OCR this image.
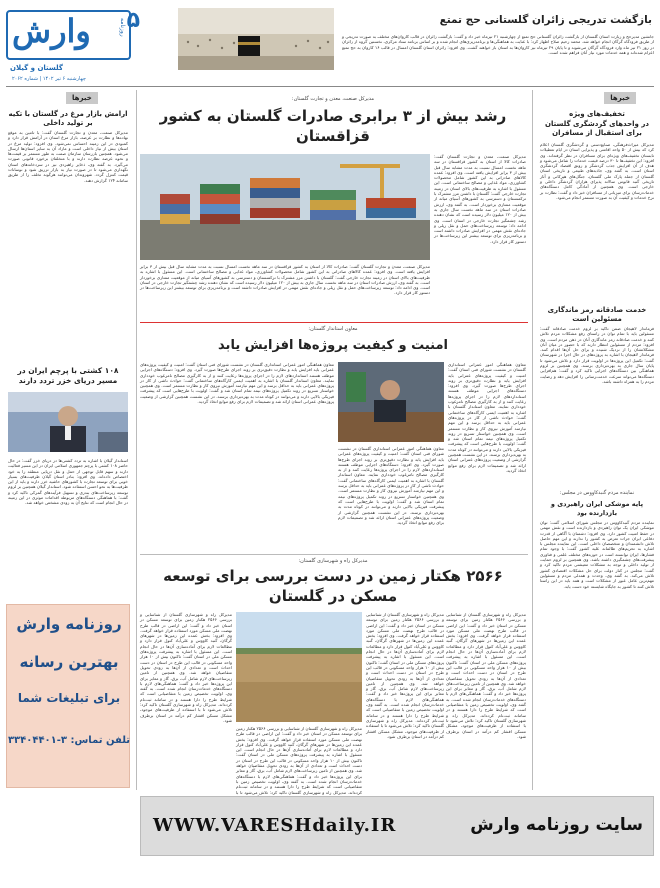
۵
وارش	روزنامه
گلستان و گیلان
چهارشنبه ۶ تیر ۱۴۰۲ | شماره ۲۰۶۲
بازگشت تدریجی زائران گلستانی حج تمتع
جانشین مدیرحج و زیارت استان گلستان از بازگشت زائران گلستانی حج تمتع از چهارشنبه ۲۱ تیرماه خبر داد و گفت: بازگشت زائران در قالب کاروان‌های مختلف به صورت تدریجی و از طریق فرودگاه گرگان انجام خواهد شد. محمد رحیم صلاح اظهار کرد: با عنایت به هماهنگی‌ها و برنامه‌ریزی‌های انجام شده و بر اساس برنامه ستاد مرکزی، نخستین گروه از زائران در روز ۲۱ تیر ماه وارد فرودگاه گرگان می‌شوند و تا پایان ۲۹ تیرماه نیز کاروان‌ها به استان باز خواهند گشت. وی افزود: زائران استان گلستان امسال در قالب ۱۶ کاروان به حج تمتع اعزام شده‌اند و همه خدمات مورد نیاز آنان فراهم شده است.
خبرها
ارامش بازار مرغ در گلستان با تکیه بر تولید داخلی
مدیرکل صنعت، معدن و تجارت گلستان گفت: با تامین به موقع نهاده‌ها و نظارت بر عرضه، بازار مرغ استان در آرامش قرار دارد و کمبودی در این زمینه احساس نمی‌شود. وی افزود: تولید مرغ در استان بیش از نیاز داخلی است و مازاد آن به سایر استان‌ها ارسال می‌شود. همچنین بازرسان سازمان صمت به طور مستمر بر قیمت‌ها و نحوه عرضه نظارت دارند و با متخلفان برخورد قانونی صورت می‌گیرد. به گفته وی، ذخایر راهبردی نیز در سردخانه‌های استان نگهداری می‌شود تا در صورت نیاز به بازار تزریق شود و نوسانات قیمت کنترل گردد. شهروندان می‌توانند هرگونه تخلف را از طریق سامانه ۱۲۴ گزارش دهند.
۱۰۸ کشتی با پرچم ایران در مسیر دریای خزر تردد دارند
استاندار گیلان با اشاره به تردد کشتی‌ها در دریای خزر گفت: در حال حاضر ۱۰۸ کشتی با پرچم جمهوری اسلامی ایران در این مسیر فعالیت دارند و سهم قابل توجهی از حمل و نقل دریایی منطقه را به خود اختصاص داده‌اند. وی افزود: بنادر استان گیلان ظرفیت‌های بسیار خوبی برای توسعه تجارت با کشورهای حاشیه خزر دارند و باید از این ظرفیت‌ها به نحو احسن استفاده شود. استاندار گیلان همچنین بر لزوم توسعه زیرساخت‌های بندری و تسهیل فرآیندهای گمرکی تاکید کرد و گفت: با هماهنگی دستگاه‌های مربوطه اقدامات موثری در این زمینه در حال انجام است که نتایج آن به زودی مشخص خواهد شد.
روزنامه وارش
بهترین رسانه
برای تبلیغات شما
تلفن تماس: ۳-۳۳۴۰۴۴۰۱
مدیرکل صنعت، معدن و تجارت گلستان:
رشد بیش از ۳ برابری صادرات گلستان به کشور قزاقستان
مدیرکل صنعت، معدن و تجارت گلستان گفت: صادرات کالا از استان به کشور قزاقستان در سه ماهه نخست امسال نسبت به مدت مشابه سال قبل بیش از ۳ برابر افزایش یافته است. وی افزود: عمده کالاهای صادراتی به این کشور شامل محصولات کشاورزی، مواد غذایی و مصالح ساختمانی است. این مسئول با اشاره به ظرفیت‌های بالای استان در زمینه تجارت خارجی گفت: گلستان با داشتن مرز مشترک با ترکمنستان و دسترسی به کشورهای آسیای میانه از موقعیت ممتازی برخوردار است. به گفته وی، ارزش صادرات استان در سه ماهه نخست سال جاری به بیش از ۱۲۰ میلیون دلار رسیده است که نشان دهنده رشد چشمگیر تجارت خارجی در استان است. وی ادامه داد: توسعه زیرساخت‌های حمل و نقل ریلی و جاده‌ای نقش مهمی در افزایش صادرات داشته است و برنامه‌ریزی برای توسعه بیشتر این زیرساخت‌ها در دستور کار قرار دارد.
مدیرکل صنعت، معدن و تجارت گلستان گفت: صادرات کالا از استان به کشور قزاقستان در سه ماهه نخست امسال نسبت به مدت مشابه سال قبل بیش از ۳ برابر افزایش یافته است. وی افزود: عمده کالاهای صادراتی به این کشور شامل محصولات کشاورزی، مواد غذایی و مصالح ساختمانی است. این مسئول با اشاره به ظرفیت‌های بالای استان در زمینه تجارت خارجی گفت: گلستان با داشتن مرز مشترک با ترکمنستان و دسترسی به کشورهای آسیای میانه از موقعیت ممتازی برخوردار است. به گفته وی، ارزش صادرات استان در سه ماهه نخست سال جاری به بیش از ۱۲۰ میلیون دلار رسیده است که نشان دهنده رشد چشمگیر تجارت خارجی در استان است. وی ادامه داد: توسعه زیرساخت‌های حمل و نقل ریلی و جاده‌ای نقش مهمی در افزایش صادرات داشته است و برنامه‌ریزی برای توسعه بیشتر این زیرساخت‌ها در دستور کار قرار دارد.
معاون استاندار گلستان:
امنیت و کیفیت پروژه‌ها افزایش یابد
معاون هماهنگی امور عمرانی استانداری گلستان در نشست شورای فنی استان گفت: امنیت و کیفیت پروژه‌های عمرانی باید افزایش یابد و نظارت دقیق‌تری بر روند اجرای طرح‌ها صورت گیرد. وی افزود: دستگاه‌های اجرایی موظف هستند استانداردهای لازم را در اجرای پروژه‌ها رعایت کنند و از به کارگیری مصالح نامرغوب خودداری نمایند. معاون استاندار گلستان با اشاره به اهمیت ایمنی کارگاه‌های ساختمانی گفت: حوادث ناشی از کار در پروژه‌های عمرانی باید به حداقل برسد و این مهم نیازمند آموزش نیروی کار و نظارت مستمر است. وی همچنین خواستار تسریع در روند تکمیل پروژه‌های نیمه تمام استان شد و گفت: اولویت با طرح‌هایی است که پیشرفت فیزیکی بالایی دارند و می‌توانند در کوتاه مدت به بهره‌برداری برسند. در این نشست همچنین گزارشی از وضعیت پروژه‌های عمرانی استان ارائه شد و تصمیمات لازم برای رفع موانع اتخاذ گردید.
معاون هماهنگی امور عمرانی استانداری گلستان در نشست شورای فنی استان گفت: امنیت و کیفیت پروژه‌های عمرانی باید افزایش یابد و نظارت دقیق‌تری بر روند اجرای طرح‌ها صورت گیرد. وی افزود: دستگاه‌های اجرایی موظف هستند استانداردهای لازم را در اجرای پروژه‌ها رعایت کنند و از به کارگیری مصالح نامرغوب خودداری نمایند. معاون استاندار گلستان با اشاره به اهمیت ایمنی کارگاه‌های ساختمانی گفت: حوادث ناشی از کار در پروژه‌های عمرانی باید به حداقل برسد و این مهم نیازمند آموزش نیروی کار و نظارت مستمر است. وی همچنین خواستار تسریع در روند تکمیل پروژه‌های نیمه تمام استان شد و گفت: اولویت با طرح‌هایی است که پیشرفت فیزیکی بالایی دارند و می‌توانند در کوتاه مدت به بهره‌برداری برسند. در این نشست همچنین گزارشی از وضعیت پروژه‌های عمرانی استان ارائه شد و تصمیمات لازم برای رفع موانع اتخاذ گردید.
معاون هماهنگی امور عمرانی استانداری گلستان در نشست شورای فنی استان گفت: امنیت و کیفیت پروژه‌های عمرانی باید افزایش یابد و نظارت دقیق‌تری بر روند اجرای طرح‌ها صورت گیرد. وی افزود: دستگاه‌های اجرایی موظف هستند استانداردهای لازم را در اجرای پروژه‌ها رعایت کنند و از به کارگیری مصالح نامرغوب خودداری نمایند. معاون استاندار گلستان با اشاره به اهمیت ایمنی کارگاه‌های ساختمانی گفت: حوادث ناشی از کار در پروژه‌های عمرانی باید به حداقل برسد و این مهم نیازمند آموزش نیروی کار و نظارت مستمر است. وی همچنین خواستار تسریع در روند تکمیل پروژه‌های نیمه تمام استان شد و گفت: اولویت با طرح‌هایی است که پیشرفت فیزیکی بالایی دارند و می‌توانند در کوتاه مدت به بهره‌برداری برسند. در این نشست همچنین گزارشی از وضعیت پروژه‌های عمرانی استان ارائه شد و تصمیمات لازم برای رفع موانع اتخاذ گردید.
مدیرکل راه و شهرسازی گلستان:
۲۵۶۶ هکتار زمین در دست بررسی برای توسعه مسکن در گلستان
مدیرکل راه و شهرسازی گلستان از شناسایی و بررسی ۲۵۶۶ هکتار زمین برای توسعه مسکن در استان خبر داد و گفت: این اراضی در قالب طرح نهضت ملی مسکن مورد استفاده قرار خواهد گرفت. وی افزود: بخش عمده این زمین‌ها در شهرهای گرگان، گنبد کاووس و علی‌آباد کتول قرار دارد و مطالعات لازم برای آماده‌سازی آن‌ها در حال انجام است. این مسئول با اشاره به پیشرفت پروژه‌های مسکن ملی در استان گفت: تاکنون بیش از ۱۰ هزار واحد مسکونی در قالب این طرح در استان در دست احداث است و تعدادی از آن‌ها به زودی تحویل متقاضیان خواهد شد. وی همچنین از تامین زیرساخت‌های لازم شامل آب، برق، گاز و معابر برای این پروژه‌ها خبر داد و گفت: هماهنگی‌های لازم با دستگاه‌های خدمات‌رسان انجام شده است. به گفته وی، اولویت تخصیص زمین با متقاضیانی است که شرایط طرح را دارا هستند و در سامانه ثبت‌نام کرده‌اند. مدیرکل راه و شهرسازی گلستان تاکید کرد: تلاش می‌شود تا با استفاده از ظرفیت‌های موجود، مشکل مسکن اقشار کم درآمد در استان برطرف شود.
مدیرکل راه و شهرسازی گلستان از شناسایی و بررسی ۲۵۶۶ هکتار زمین برای توسعه مسکن در استان خبر داد و گفت: این اراضی در قالب طرح نهضت ملی مسکن مورد استفاده قرار خواهد گرفت. وی افزود: بخش عمده این زمین‌ها در شهرهای گرگان، گنبد کاووس و علی‌آباد کتول قرار دارد و مطالعات لازم برای آماده‌سازی آن‌ها در حال انجام است. این مسئول با اشاره به پیشرفت پروژه‌های مسکن ملی در استان گفت: تاکنون بیش از ۱۰ هزار واحد مسکونی در قالب این طرح در استان در دست احداث است و تعدادی از آن‌ها به زودی تحویل متقاضیان خواهد شد. وی همچنین از تامین زیرساخت‌های لازم شامل آب، برق، گاز و معابر برای این پروژه‌ها خبر داد و گفت: هماهنگی‌های لازم با دستگاه‌های خدمات‌رسان انجام شده است. به گفته وی، اولویت تخصیص زمین با متقاضیانی است که شرایط طرح را دارا هستند و در سامانه ثبت‌نام کرده‌اند. مدیرکل راه و شهرسازی گلستان تاکید کرد: تلاش می‌شود تا با استفاده از ظرفیت‌های موجود، مشکل مسکن اقشار کم درآمد در استان برطرف شود.
مدیرکل راه و شهرسازی گلستان از شناسایی و بررسی ۲۵۶۶ هکتار زمین برای توسعه مسکن در استان خبر داد و گفت: این اراضی در قالب طرح نهضت ملی مسکن مورد استفاده قرار خواهد گرفت. وی افزود: بخش عمده این زمین‌ها در شهرهای گرگان، گنبد کاووس و علی‌آباد کتول قرار دارد و مطالعات لازم برای آماده‌سازی آن‌ها در حال انجام است. این مسئول با اشاره به پیشرفت پروژه‌های مسکن ملی در استان گفت: تاکنون بیش از ۱۰ هزار واحد مسکونی در قالب این طرح در استان در دست احداث است و تعدادی از آن‌ها به زودی تحویل متقاضیان خواهد شد. وی همچنین از تامین زیرساخت‌های لازم شامل آب، برق، گاز و معابر برای این پروژه‌ها خبر داد و گفت: هماهنگی‌های لازم با دستگاه‌های خدمات‌رسان انجام شده است. به گفته وی، اولویت تخصیص زمین با متقاضیانی است که شرایط طرح را دارا هستند و در سامانه ثبت‌نام کرده‌اند. مدیرکل راه و شهرسازی گلستان تاکید کرد: تلاش می‌شود تا با
مدیرکل راه و شهرسازی گلستان از شناسایی و بررسی ۲۵۶۶ هکتار زمین برای توسعه مسکن در استان خبر داد و گفت: این اراضی در قالب طرح نهضت ملی مسکن مورد استفاده قرار خواهد گرفت. وی افزود: بخش عمده این زمین‌ها در شهرهای گرگان، گنبد کاووس و علی‌آباد کتول قرار دارد و مطالعات لازم برای آماده‌سازی آن‌ها در حال انجام است. این مسئول با اشاره به پیشرفت پروژه‌های مسکن ملی در استان گفت: تاکنون بیش از ۱۰ هزار واحد مسکونی در قالب این طرح در استان در دست احداث است و تعدادی از آن‌ها به زودی تحویل متقاضیان خواهد شد. وی همچنین از تامین زیرساخت‌های لازم شامل آب، برق، گاز و معابر برای این پروژه‌ها خبر داد و گفت: هماهنگی‌های لازم با دستگاه‌های خدمات‌رسان انجام شده است. به گفته وی، اولویت تخصیص زمین با متقاضیانی است که شرایط طرح را دارا هستند و در سامانه ثبت‌نام کرده‌اند. مدیرکل راه و شهرسازی گلستان تاکید کرد: تلاش می‌شود تا با استفاده از ظرفیت‌های موجود، مشکل مسکن اقشار کم درآمد در استان برطرف شود.
خبرها
تخفیف‌های ویژه
در واحدهای گردشگری گلستان برای استقبال از مسافران
مدیرکل میراث‌فرهنگی، صنایع‌دستی و گردشگری گلستان اعلام کرد که بیش از ۵۰ واحد اقامتی و پذیرایی استان در ایام تعطیلات تابستان تخفیف‌های ویژه‌ای برای مسافران در نظر گرفته‌اند. وی افزود: این تخفیف‌ها تا ۳۰ درصد قیمت خدمات را شامل می‌شود و هدف از آن افزایش جذب گردشگر و رونق اقتصاد گردشگری استان است. به گفته وی، جاذبه‌های طبیعی و تاریخی استان گلستان از جمله پارک ملی گلستان، جنگل‌های هیرکانی و آثار تاریخی گنبد قابوس سالانه پذیرای هزاران گردشگر داخلی و خارجی است. وی همچنین از آمادگی کامل دستگاه‌های خدمات‌رسان برای میزبانی از مسافران خبر داد و گفت: نظارت بر نرخ خدمات و کیفیت آن به صورت مستمر انجام می‌شود.
خدمت صادقانه رمز ماندگاری مسئولین است
فرماندار لاهیجان ضمن تاکید بر لزوم خدمت صادقانه گفت: مسئولین باید با تمام توان در راستای رفع مشکلات مردم تلاش کنند و خدمت صادقانه رمز ماندگاری آنان در ذهن مردم است. وی افزود: مردم از مسئولین انتظار دارند که با حضور در میان آنان مشکلاتشان را از نزدیک شنیده و برای حل آن‌ها اقدام کنند. فرماندار لاهیجان با اشاره به پروژه‌های در حال اجرا در شهرستان گفت: تکمیل این پروژه‌ها در اولویت قرار دارد و تلاش می‌شود تا پایان سال جاری به بهره‌برداری برسند. وی همچنین بر لزوم هماهنگی بین دستگاه‌های اجرایی تاکید کرد و گفت: هم‌افزایی دستگاه‌ها می‌تواند سرعت خدمت‌رسانی را افزایش دهد و رضایت مردم را به همراه داشته باشد.
نماینده مردم گنبدکاووس در مجلس:
پایه‌ موشکی ایران راهبردی و بازدارنده بود
نماینده مردم گنبدکاووس در مجلس شورای اسلامی گفت: توان موشکی ایران یک توان راهبردی و بازدارنده است و نقش مهمی در حفظ امنیت کشور دارد. وی افزود: دشمنان با آگاهی از قدرت دفاعی ایران جرات تعرض به کشور را ندارند و این مهم حاصل تلاش دانشمندان و متخصصان داخلی است. این نماینده مجلس با اشاره به تحریم‌های ظالمانه علیه کشور گفت: با وجود تمام فشارها، ایران توانسته است در حوزه‌های مختلف علمی و فناوری پیشرفت‌های چشمگیری داشته باشد. وی همچنین بر لزوم حمایت از تولید داخلی و توجه به مشکلات معیشتی مردم تاکید کرد و گفت: مجلس در کنار دولت برای حل مشکلات اقتصادی کشور تلاش می‌کند. به گفته وی، وحدت و همدلی مردم و مسئولین مهم‌ترین عامل عبور از مشکلات است و همه باید در این راستا تلاش کنند تا کشور به جایگاه شایسته خود دست یابد.
سایت روزنامه وارش
WWW.VARESHdaily.IR
